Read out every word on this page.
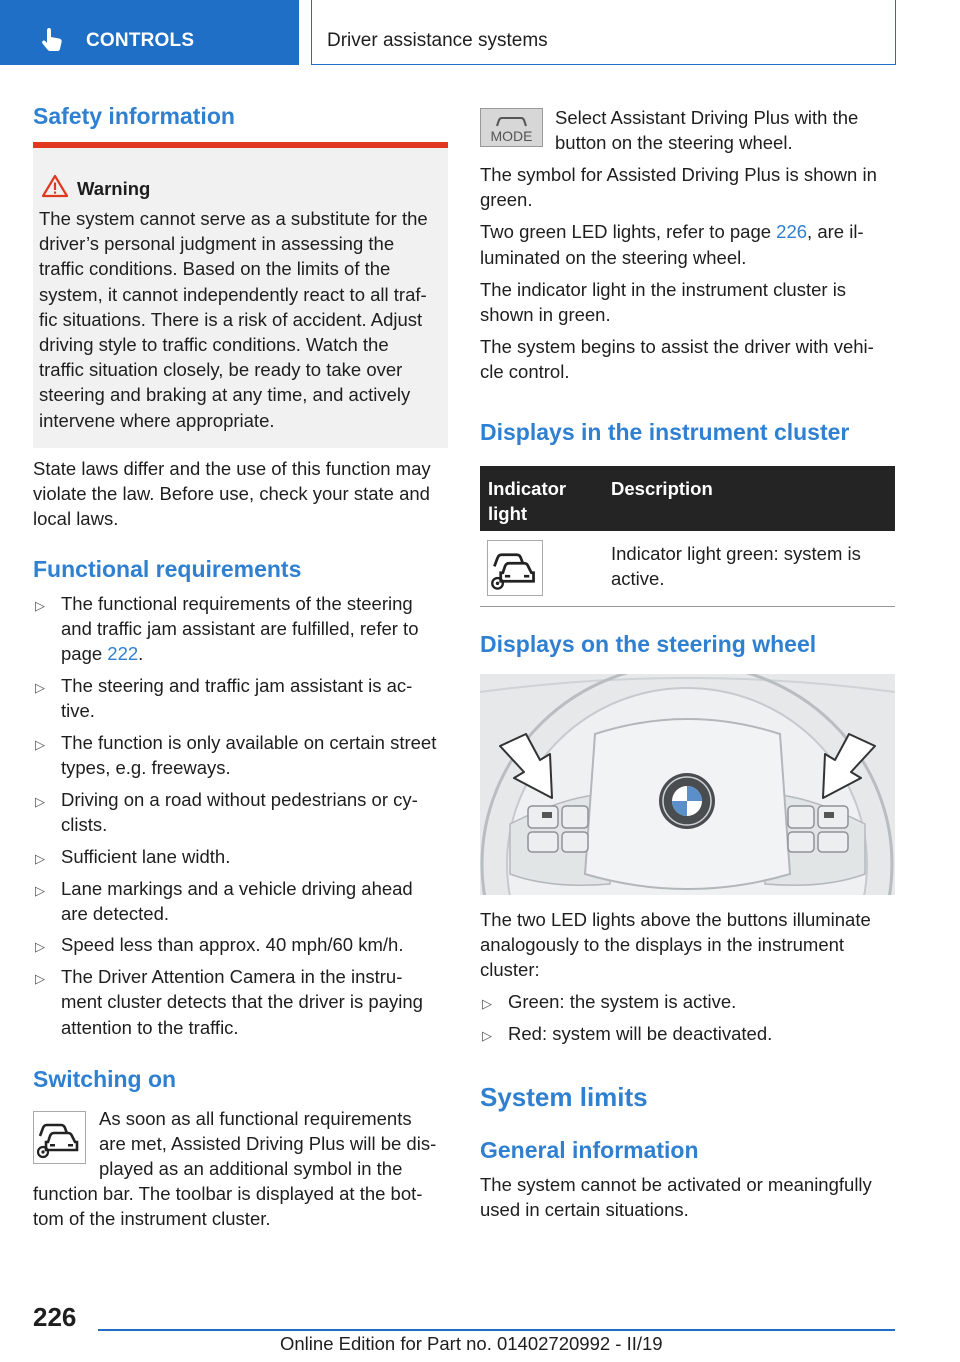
CONTROLS	Driver assistance systems
Safety information
Warning
The system cannot serve as a substitute for the
driver’s personal judgment in assessing the
traffic conditions. Based on the limits of the
system, it cannot independently react to all traf‐
fic situations. There is a risk of accident. Adjust
driving style to traffic conditions. Watch the
traffic situation closely, be ready to take over
steering and braking at any time, and actively
intervene where appropriate.
State laws differ and the use of this function may
violate the law. Before use, check your state and
local laws.
Functional requirements
▷ The functional requirements of the steering
and traffic jam assistant are fulfilled, refer to
page 222.
▷ The steering and traffic jam assistant is ac‐
tive.
▷ The function is only available on certain street
types, e.g. freeways.
▷ Driving on a road without pedestrians or cy‐
clists.
▷ Sufficient lane width.
▷ Lane markings and a vehicle driving ahead
are detected.
▷ Speed less than approx. 40 mph/60 km/h.
▷ The Driver Attention Camera in the instru‐
ment cluster detects that the driver is paying
attention to the traffic.
Switching on
As soon as all functional requirements
are met, Assisted Driving Plus will be dis‐
played as an additional symbol in the
function bar. The toolbar is displayed at the bot‐
tom of the instrument cluster.
MODE
Select Assistant Driving Plus with the
button on the steering wheel.
The symbol for Assisted Driving Plus is shown in
green.
Two green LED lights, refer to page 226, are il‐
luminated on the steering wheel.
The indicator light in the instrument cluster is
shown in green.
The system begins to assist the driver with vehi‐
cle control.
Displays in the instrument cluster
Indicator
light
Description
Indicator light green: system is
active.
Displays on the steering wheel
The two LED lights above the buttons illuminate
analogously to the displays in the instrument
cluster:
▷ Green: the system is active.
▷ Red: system will be deactivated.
System limits
General information
The system cannot be activated or meaningfully
used in certain situations.
226
Online Edition for Part no. 01402720992 - II/19
